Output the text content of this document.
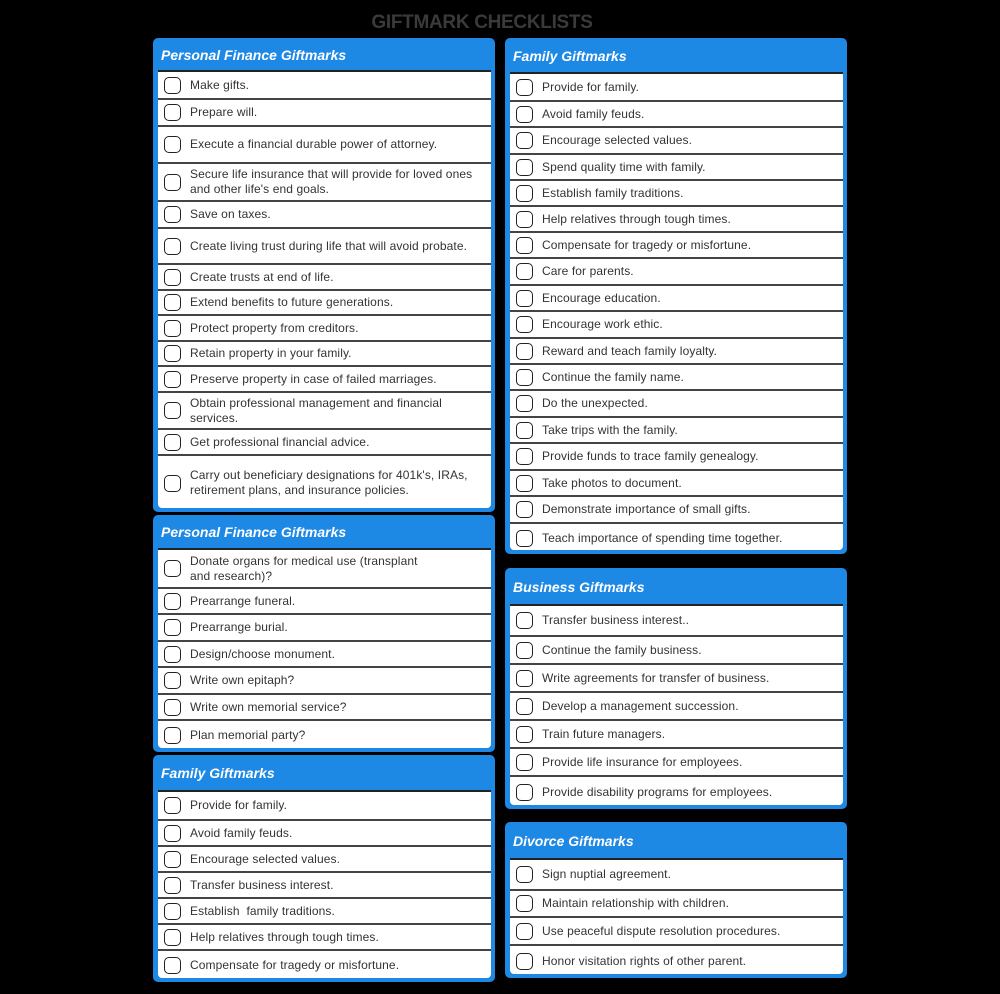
GIFTMARK CHECKLISTS
Personal Finance Giftmarks
Make gifts.
Prepare will.
Execute a financial durable power of attorney.
Secure life insurance that will provide for loved ones and other life's end goals.
Save on taxes.
Create living trust during life that will avoid probate.
Create trusts at end of life.
Extend benefits to future generations.
Protect property from creditors.
Retain property in your family.
Preserve property in case of failed marriages.
Obtain professional management and financial services.
Get professional financial advice.
Carry out beneficiary designations for 401k's, IRAs, retirement plans, and insurance policies.
Personal Finance Giftmarks
Donate organs for medical use (transplant and research)?
Prearrange funeral.
Prearrange burial.
Design/choose monument.
Write own epitaph?
Write own memorial service?
Plan memorial party?
Family Giftmarks
Provide for family.
Avoid family feuds.
Encourage selected values.
Transfer business interest.
Establish  family traditions.
Help relatives through tough times.
Compensate for tragedy or misfortune.
Family Giftmarks
Provide for family.
Avoid family feuds.
Encourage selected values.
Spend quality time with family.
Establish family traditions.
Help relatives through tough times.
Compensate for tragedy or misfortune.
Care for parents.
Encourage education.
Encourage work ethic.
Reward and teach family loyalty.
Continue the family name.
Do the unexpected.
Take trips with the family.
Provide funds to trace family genealogy.
Take photos to document.
Demonstrate importance of small gifts.
Teach importance of spending time together.
Business Giftmarks
Transfer business interest..
Continue the family business.
Write agreements for transfer of business.
Develop a management succession.
Train future managers.
Provide life insurance for employees.
Provide disability programs for employees.
Divorce Giftmarks
Sign nuptial agreement.
Maintain relationship with children.
Use peaceful dispute resolution procedures.
Honor visitation rights of other parent.
